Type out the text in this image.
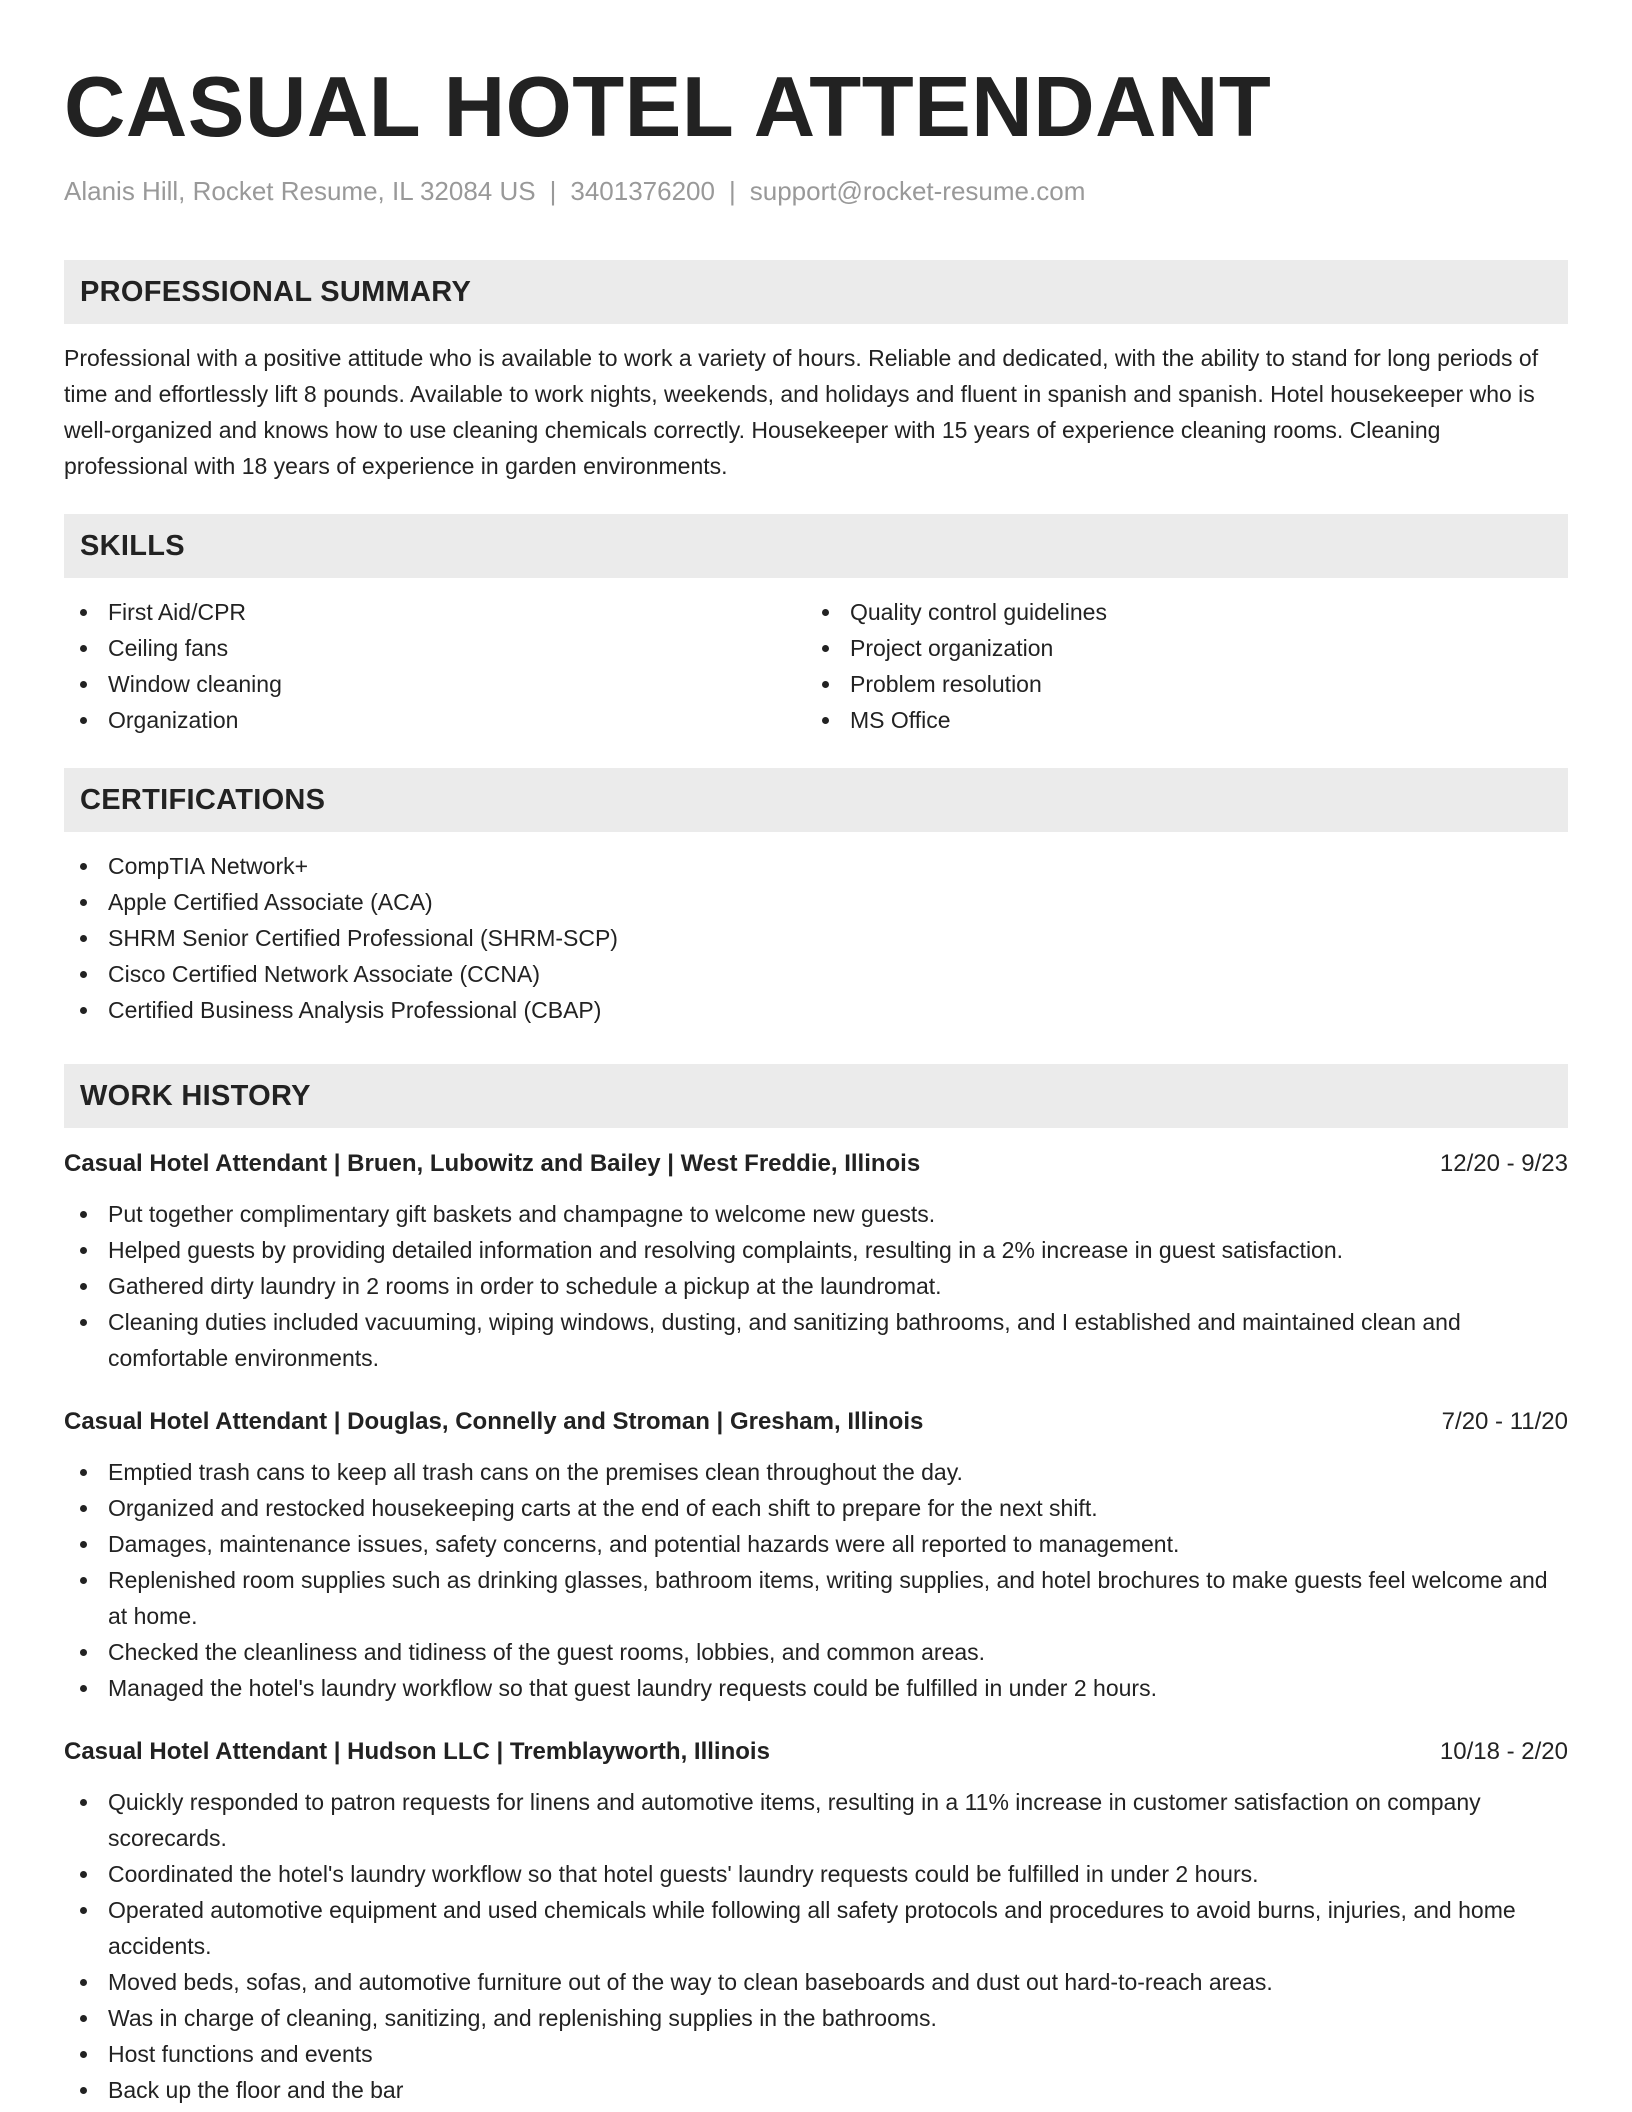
CASUAL HOTEL ATTENDANT
Alanis Hill, Rocket Resume, IL 32084 US | 3401376200 | support@rocket-resume.com
PROFESSIONAL SUMMARY
Professional with a positive attitude who is available to work a variety of hours. Reliable and dedicated, with the ability to stand for long periods of time and effortlessly lift 8 pounds. Available to work nights, weekends, and holidays and fluent in spanish and spanish. Hotel housekeeper who is well-organized and knows how to use cleaning chemicals correctly. Housekeeper with 15 years of experience cleaning rooms. Cleaning professional with 18 years of experience in garden environments.
SKILLS
First Aid/CPR
Ceiling fans
Window cleaning
Organization
Quality control guidelines
Project organization
Problem resolution
MS Office
CERTIFICATIONS
CompTIA Network+
Apple Certified Associate (ACA)
SHRM Senior Certified Professional (SHRM-SCP)
Cisco Certified Network Associate (CCNA)
Certified Business Analysis Professional (CBAP)
WORK HISTORY
Casual Hotel Attendant | Bruen, Lubowitz and Bailey | West Freddie, Illinois	12/20 - 9/23
Put together complimentary gift baskets and champagne to welcome new guests.
Helped guests by providing detailed information and resolving complaints, resulting in a 2% increase in guest satisfaction.
Gathered dirty laundry in 2 rooms in order to schedule a pickup at the laundromat.
Cleaning duties included vacuuming, wiping windows, dusting, and sanitizing bathrooms, and I established and maintained clean and comfortable environments.
Casual Hotel Attendant | Douglas, Connelly and Stroman | Gresham, Illinois	7/20 - 11/20
Emptied trash cans to keep all trash cans on the premises clean throughout the day.
Organized and restocked housekeeping carts at the end of each shift to prepare for the next shift.
Damages, maintenance issues, safety concerns, and potential hazards were all reported to management.
Replenished room supplies such as drinking glasses, bathroom items, writing supplies, and hotel brochures to make guests feel welcome and at home.
Checked the cleanliness and tidiness of the guest rooms, lobbies, and common areas.
Managed the hotel's laundry workflow so that guest laundry requests could be fulfilled in under 2 hours.
Casual Hotel Attendant | Hudson LLC | Tremblayworth, Illinois	10/18 - 2/20
Quickly responded to patron requests for linens and automotive items, resulting in a 11% increase in customer satisfaction on company scorecards.
Coordinated the hotel's laundry workflow so that hotel guests' laundry requests could be fulfilled in under 2 hours.
Operated automotive equipment and used chemicals while following all safety protocols and procedures to avoid burns, injuries, and home accidents.
Moved beds, sofas, and automotive furniture out of the way to clean baseboards and dust out hard-to-reach areas.
Was in charge of cleaning, sanitizing, and replenishing supplies in the bathrooms.
Host functions and events
Back up the floor and the bar
